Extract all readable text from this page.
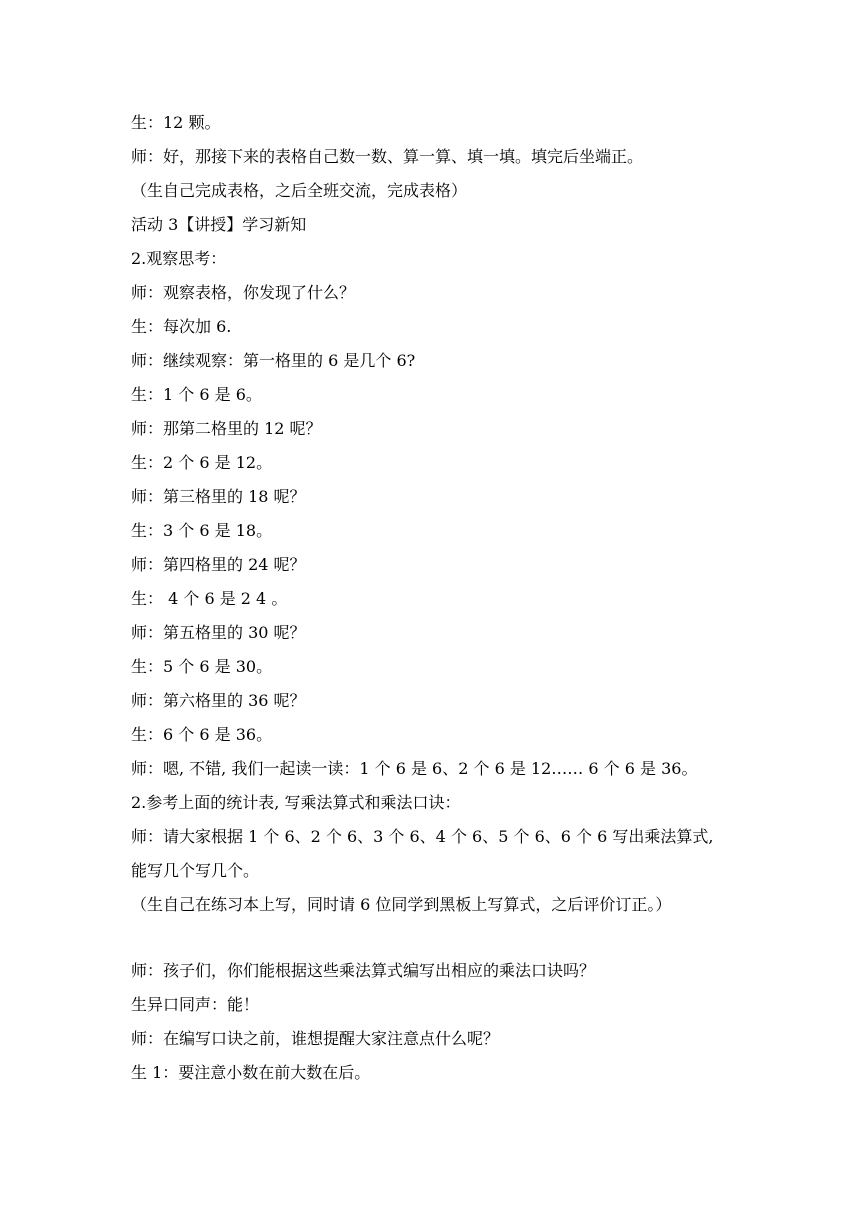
生：12 颗。
师：好，那接下来的表格自己数一数、算一算、填一填。填完后坐端正。
（生自己完成表格，之后全班交流，完成表格）
活动 3【讲授】学习新知
2.观察思考：
师：观察表格，你发现了什么？
生：每次加 6.
师：继续观察：第一格里的 6 是几个 6?
生：1 个 6 是 6。
师：那第二格里的 12 呢？
生：2 个 6 是 12。
师：第三格里的 18 呢？
生：3 个 6 是 18。
师：第四格里的 24 呢？
生： 4 个 6 是 2 4 。
师：第五格里的 30 呢？
生：5 个 6 是 30。
师：第六格里的 36 呢？
生：6 个 6 是 36。
师：嗯, 不错, 我们一起读一读：1 个 6 是 6、2 个 6 是 12…… 6 个 6 是 36。
2.参考上面的统计表, 写乘法算式和乘法口诀：
师：请大家根据 1 个 6、2 个 6、3 个 6、4 个 6、5 个 6、6 个 6 写出乘法算式,
能写几个写几个。
（生自己在练习本上写，同时请 6 位同学到黑板上写算式，之后评价订正。）
师：孩子们，你们能根据这些乘法算式编写出相应的乘法口诀吗？
生异口同声：能！
师：在编写口诀之前，谁想提醒大家注意点什么呢？
生 1：要注意小数在前大数在后。
